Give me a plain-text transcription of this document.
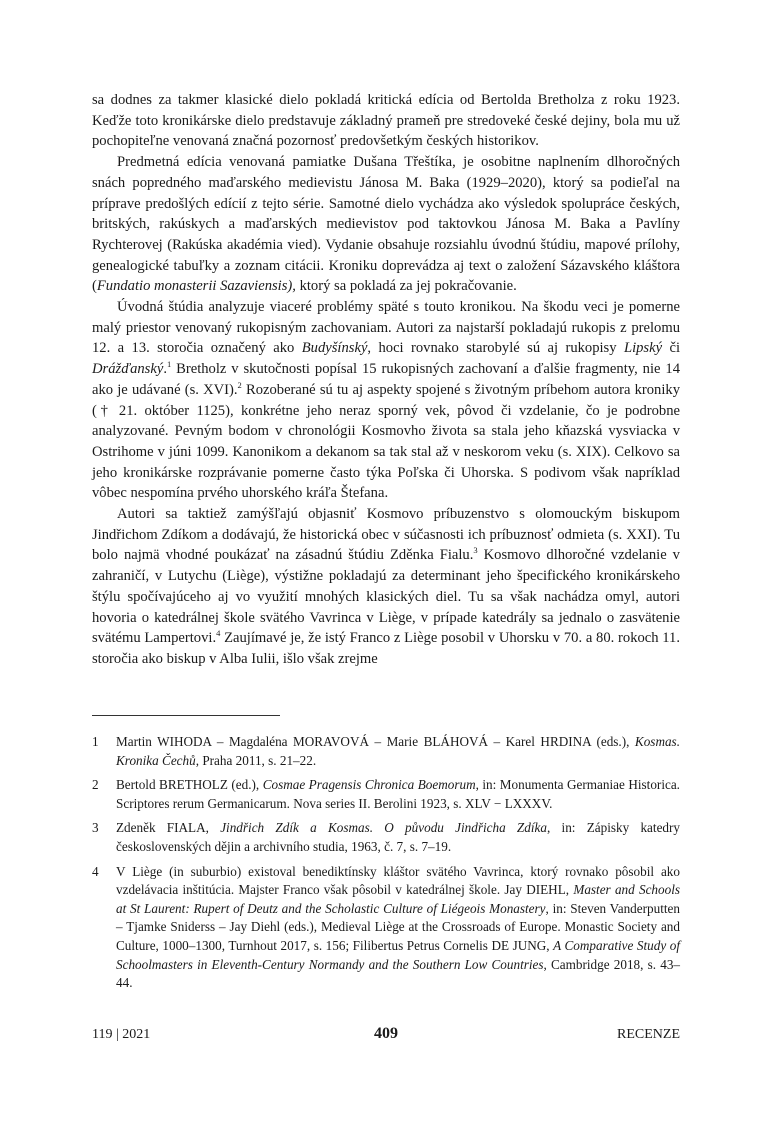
sa dodnes za takmer klasické dielo pokladá kritická edícia od Bertolda Bretholza z roku 1923. Keďže toto kronikárske dielo predstavuje základný prameň pre stredoveké české dejiny, bola mu už pochopiteľne venovaná značná pozornosť predovšetkým českých historikov.

Predmetná edícia venovaná pamiatke Dušana Třeštíka, je osobitne naplnením dlhoročných snách popredného maďarského medievistu Jánosa M. Baka (1929–2020), ktorý sa podieľal na príprave predošlých edícií z tejto série. Samotné dielo vychádza ako výsledok spolupráce českých, britských, rakúskych a maďarských medievistov pod taktovkou Jánosa M. Baka a Pavlíny Rychterovej (Rakúska akadémia vied). Vydanie obsahuje rozsiahlu úvodnú štúdiu, mapové prílohy, genealogické tabuľky a zoznam citácii. Kroniku doprevádza aj text o založení Sázavského kláštora (Fundatio monasterii Sazaviensis), ktorý sa pokladá za jej pokračovanie.

Úvodná štúdia analyzuje viaceré problémy späté s touto kronikou. Na škodu veci je pomerne malý priestor venovaný rukopisným zachovaniam. Autori za najstarší pokladajú rukopis z prelomu 12. a 13. storočia označený ako Budyšínský, hoci rovnako starobylé sú aj rukopisy Lipský či Drážďanský.$^1$ Bretholz v skutočnosti popísal 15 rukopisných zachovaní a ďalšie fragmenty, nie 14 ako je udávané (s. XVI).$^2$ Rozoberané sú tu aj aspekty spojené s životným príbehom autora kroniky († 21. október 1125), konkrétne jeho neraz sporný vek, pôvod či vzdelanie, čo je podrobne analyzované. Pevným bodom v chronológii Kosmovho života sa stala jeho kňazská vysviacka v Ostrihome v júni 1099. Kanonikom a dekanom sa tak stal až v neskorom veku (s. XIX). Celkovo sa jeho kronikárske rozprávanie pomerne často týka Poľska či Uhorska. S podivom však napríklad vôbec nespomína prvého uhorského kráľa Štefana.

Autori sa taktiež zamýšľajú objasniť Kosmovo príbuzenstvo s olomouckým biskupom Jindřichom Zdíkom a dodávajú, že historická obec v súčasnosti ich príbuznosť odmieta (s. XXI). Tu bolo najmä vhodné poukázať na zásadnú štúdiu Zděnka Fialu.$^3$ Kosmovo dlhoročné vzdelanie v zahraničí, v Lutychu (Liège), výstižne pokladajú za determinant jeho špecifického kronikárskeho štýlu spočívajúceho aj vo využití mnohých klasických diel. Tu sa však nachádza omyl, autori hovoria o katedrálnej škole svätého Vavrinca v Liège, v prípade katedrály sa jednalo o zasvätenie svätému Lampertovi.$^4$ Zaujímavé je, že istý Franco z Liège posobil v Uhorsku v 70. a 80. rokoch 11. storočia ako biskup v Alba Iulii, išlo však zrejme

1	Martin WIHODA – Magdaléna MORAVOVÁ – Marie BLÁHOVÁ – Karel HRDINA (eds.), Kosmas. Kronika Čechů, Praha 2011, s. 21–22.
2	Bertold BRETHOLZ (ed.), Cosmae Pragensis Chronica Boemorum, in: Monumenta Germaniae Historica. Scriptores rerum Germanicarum. Nova series II. Berolini 1923, s. XLV − LXXXV.
3	Zdeněk FIALA, Jindřich Zdík a Kosmas. O původu Jindřicha Zdíka, in: Zápisky katedry československých dějin a archivního studia, 1963, č. 7, s. 7–19.
4	V Liège (in suburbio) existoval benediktínsky kláštor svätého Vavrinca, ktorý rovnako pôsobil ako vzdelávacia inštitúcia. Majster Franco však pôsobil v katedrálnej škole. Jay DIEHL, Master and Schools at St Laurent: Rupert of Deutz and the Scholastic Culture of Liégeois Monastery, in: Steven Vanderputten – Tjamke Sniderss – Jay Diehl (eds.), Medieval Liège at the Crossroads of Europe. Monastic Society and Culture, 1000–1300, Turnhout 2017, s. 156; Filibertus Petrus Cornelis DE JUNG, A Comparative Study of Schoolmasters in Eleventh-Century Normandy and the Southern Low Countries, Cambridge 2018, s. 43–44.
119 | 2021	409	RECENZE
